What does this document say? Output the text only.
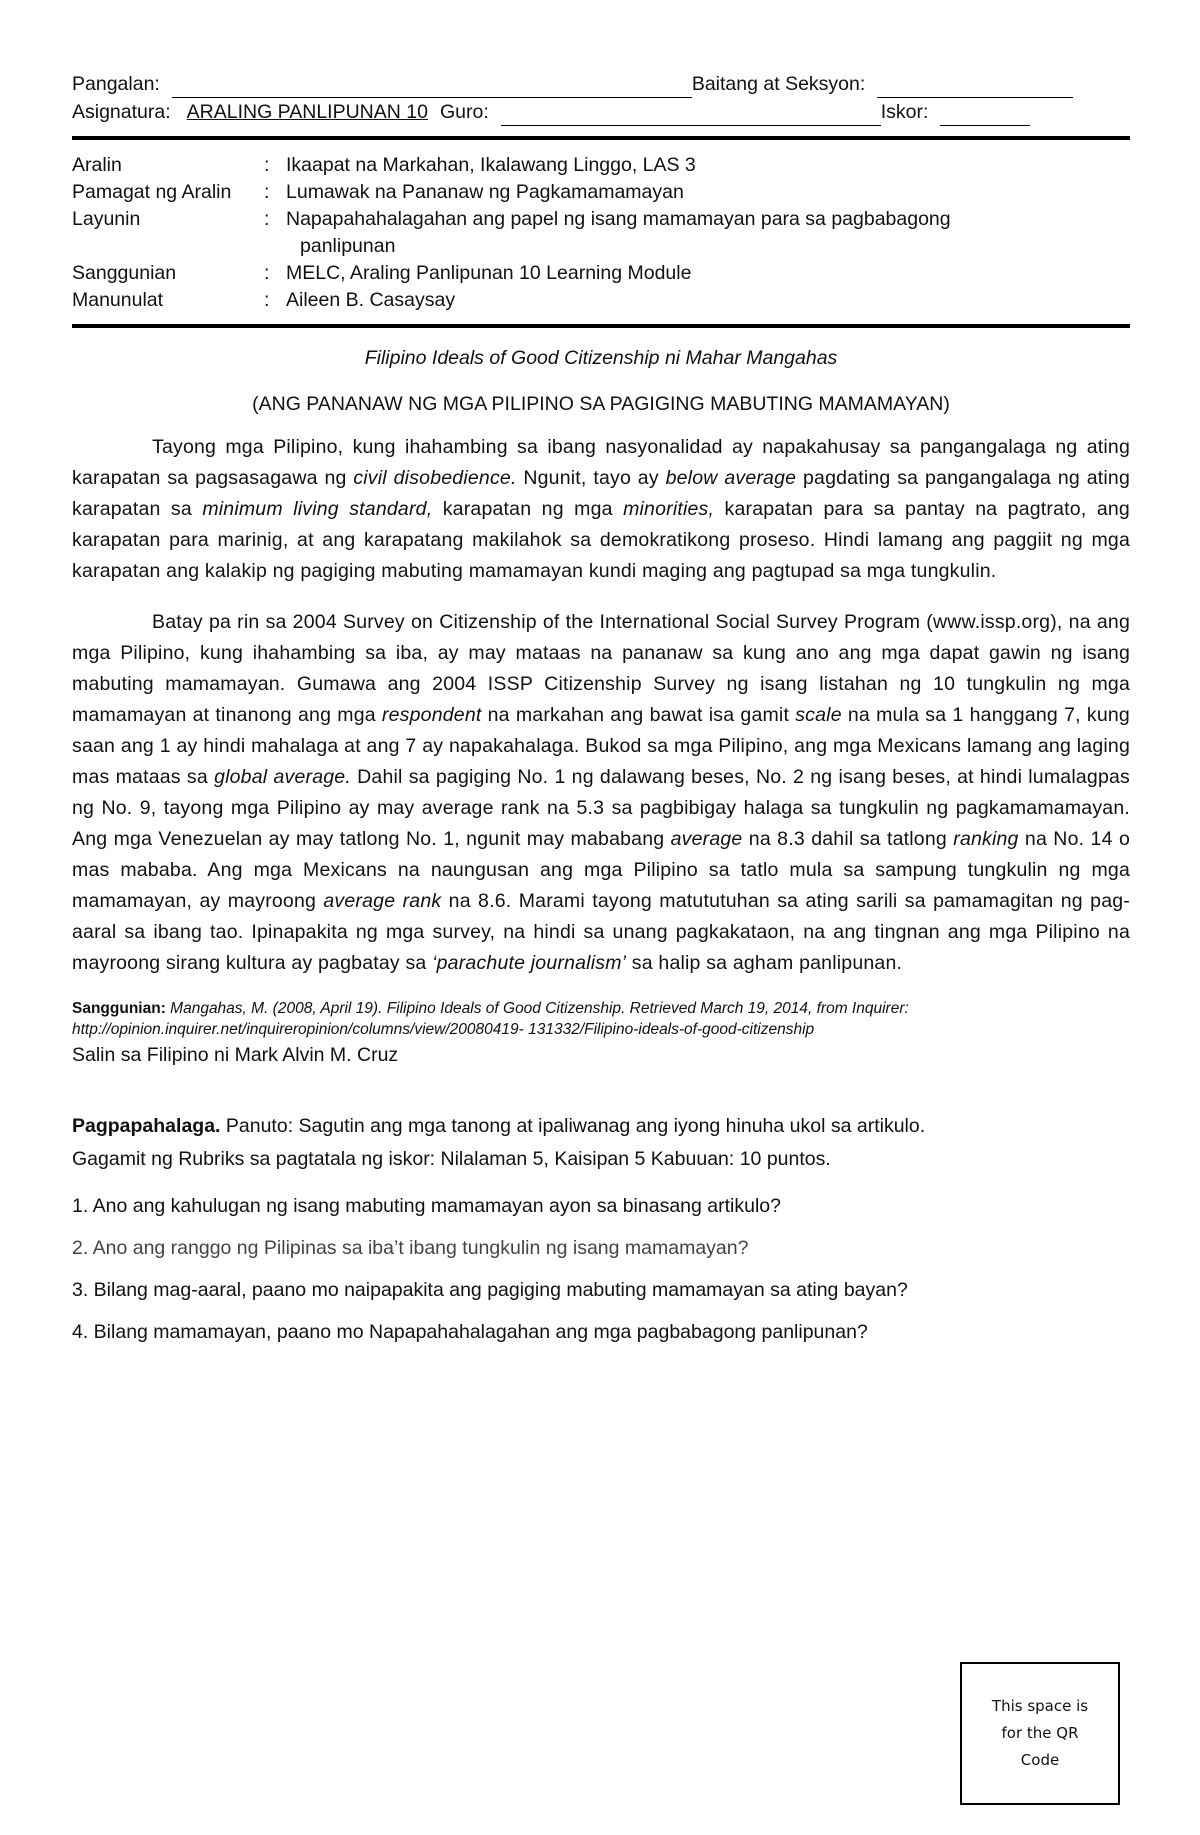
Pangalan:	Baitang at Seksyon:
Asignatura: ARALING PANLIPUNAN 10 Guro:	Iskor:
Aralin	: Ikaapat na Markahan, Ikalawang Linggo, LAS 3
Pamagat ng Aralin	: Lumawak na Pananaw ng Pagkamamamayan
Layunin	: Napapahahalagahan ang papel ng isang mamamayan para sa pagbabagong
panlipunan
Sanggunian	: MELC, Araling Panlipunan 10 Learning Module
Manunulat	: Aileen B. Casaysay
Filipino Ideals of Good Citizenship ni Mahar Mangahas
(ANG PANANAW NG MGA PILIPINO SA PAGIGING MABUTING MAMAMAYAN)

Tayong mga Pilipino, kung ihahambing sa ibang nasyonalidad ay napakahusay sa pangangalaga ng ating karapatan sa pagsasagawa ng civil disobedience. Ngunit, tayo ay below average pagdating sa pangangalaga ng ating karapatan sa minimum living standard, karapatan ng mga minorities, karapatan para sa pantay na pagtrato, ang karapatan para marinig, at ang karapatang makilahok sa demokratikong proseso. Hindi lamang ang paggiit ng mga karapatan ang kalakip ng pagiging mabuting mamamayan kundi maging ang pagtupad sa mga tungkulin.

Batay pa rin sa 2004 Survey on Citizenship of the International Social Survey Program (www.issp.org), na ang mga Pilipino, kung ihahambing sa iba, ay may mataas na pananaw sa kung ano ang mga dapat gawin ng isang mabuting mamamayan. Gumawa ang 2004 ISSP Citizenship Survey ng isang listahan ng 10 tungkulin ng mga mamamayan at tinanong ang mga respondent na markahan ang bawat isa gamit scale na mula sa 1 hanggang 7, kung saan ang 1 ay hindi mahalaga at ang 7 ay napakahalaga. Bukod sa mga Pilipino, ang mga Mexicans lamang ang laging mas mataas sa global average. Dahil sa pagiging No. 1 ng dalawang beses, No. 2 ng isang beses, at hindi lumalagpas ng No. 9, tayong mga Pilipino ay may average rank na 5.3 sa pagbibigay halaga sa tungkulin ng pagkamamamayan. Ang mga Venezuelan ay may tatlong No. 1, ngunit may mababang average na 8.3 dahil sa tatlong ranking na No. 14 o mas mababa. Ang mga Mexicans na naungusan ang mga Pilipino sa tatlo mula sa sampung tungkulin ng mga mamamayan, ay mayroong average rank na 8.6. Marami tayong matututuhan sa ating sarili sa pamamagitan ng pag-aaral sa ibang tao. Ipinapakita ng mga survey, na hindi sa unang pagkakataon, na ang tingnan ang mga Pilipino na mayroong sirang kultura ay pagbatay sa ‘parachute journalism’ sa halip sa agham panlipunan.

Sanggunian: Mangahas, M. (2008, April 19). Filipino Ideals of Good Citizenship. Retrieved March 19, 2014, from Inquirer:
http://opinion.inquirer.net/inquireropinion/columns/view/20080419- 131332/Filipino-ideals-of-good-citizenship
Salin sa Filipino ni Mark Alvin M. Cruz
Pagpapahalaga. Panuto: Sagutin ang mga tanong at ipaliwanag ang iyong hinuha ukol sa artikulo.
Gagamit ng Rubriks sa pagtatala ng iskor: Nilalaman 5, Kaisipan 5 Kabuuan: 10 puntos.
1. Ano ang kahulugan ng isang mabuting mamamayan ayon sa binasang artikulo?
2. Ano ang ranggo ng Pilipinas sa iba’t ibang tungkulin ng isang mamamayan?
3. Bilang mag-aaral, paano mo naipapakita ang pagiging mabuting mamamayan sa ating bayan?
4. Bilang mamamayan, paano mo Napapahahalagahan ang mga pagbabagong panlipunan?
This space is
for the QR
Code
